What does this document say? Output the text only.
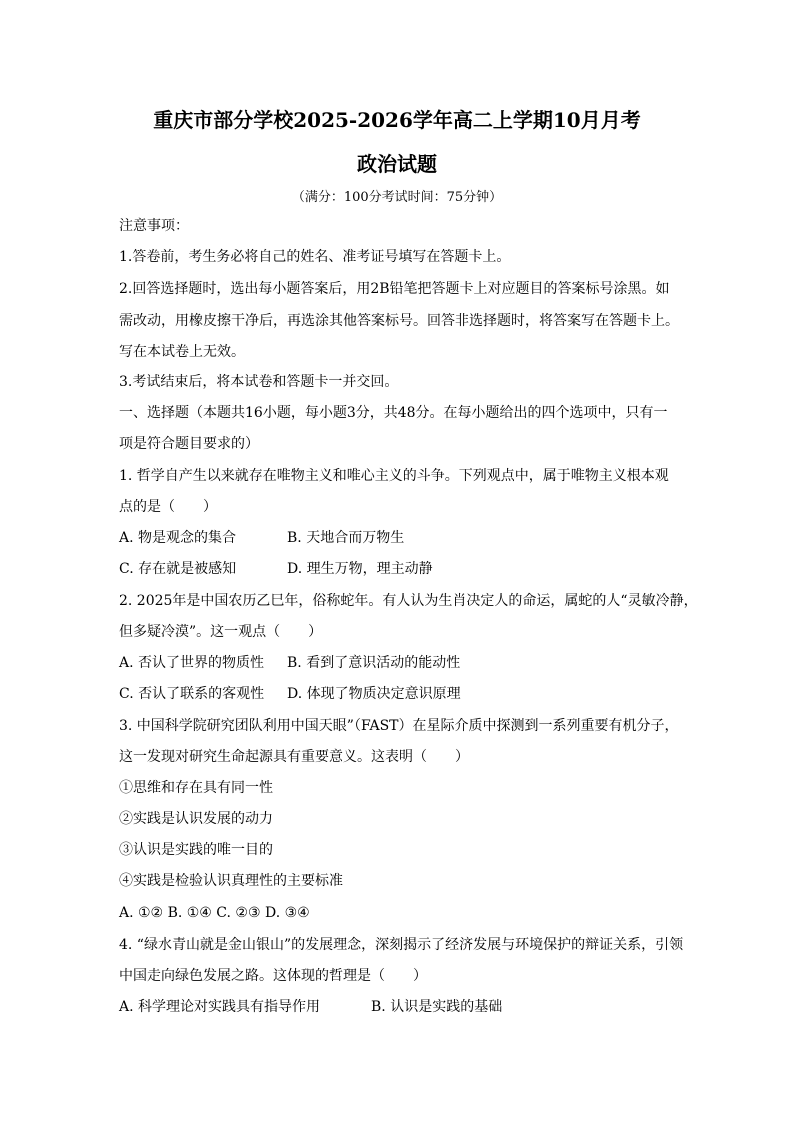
重庆市部分学校2025-2026学年高二上学期10月月考
政治试题
（满分：100分考试时间：75分钟）
注意事项：
1.答卷前，考生务必将自己的姓名、准考证号填写在答题卡上。
2.回答选择题时，选出每小题答案后，用2B铅笔把答题卡上对应题目的答案标号涂黑。如
需改动，用橡皮擦干净后，再选涂其他答案标号。回答非选择题时，将答案写在答题卡上。
写在本试卷上无效。
3.考试结束后，将本试卷和答题卡一并交回。
一、选择题（本题共16小题，每小题3分，共48分。在每小题给出的四个选项中，只有一
项是符合题目要求的）
1. 哲学自产生以来就存在唯物主义和唯心主义的斗争。下列观点中，属于唯物主义根本观
点的是（　　）
A. 物是观念的集合	B. 天地合而万物生
C. 存在就是被感知	D. 理生万物，理主动静
2. 2025年是中国农历乙巳年，俗称蛇年。有人认为生肖决定人的命运，属蛇的人“灵敏冷静，
但多疑冷漠”。这一观点（　　）
A. 否认了世界的物质性 B. 看到了意识活动的能动性
C. 否认了联系的客观性 D. 体现了物质决定意识原理
3. 中国科学院研究团队利用中国天眼”（FAST）在星际介质中探测到一系列重要有机分子，
这一发现对研究生命起源具有重要意义。这表明（　　）
①思维和存在具有同一性
②实践是认识发展的动力
③认识是实践的唯一目的
④实践是检验认识真理性的主要标准
A. ①② B. ①④ C. ②③ D. ③④
4. “绿水青山就是金山银山”的发展理念，深刻揭示了经济发展与环境保护的辩证关系，引领
中国走向绿色发展之路。这体现的哲理是（　　）
A. 科学理论对实践具有指导作用	B. 认识是实践的基础
